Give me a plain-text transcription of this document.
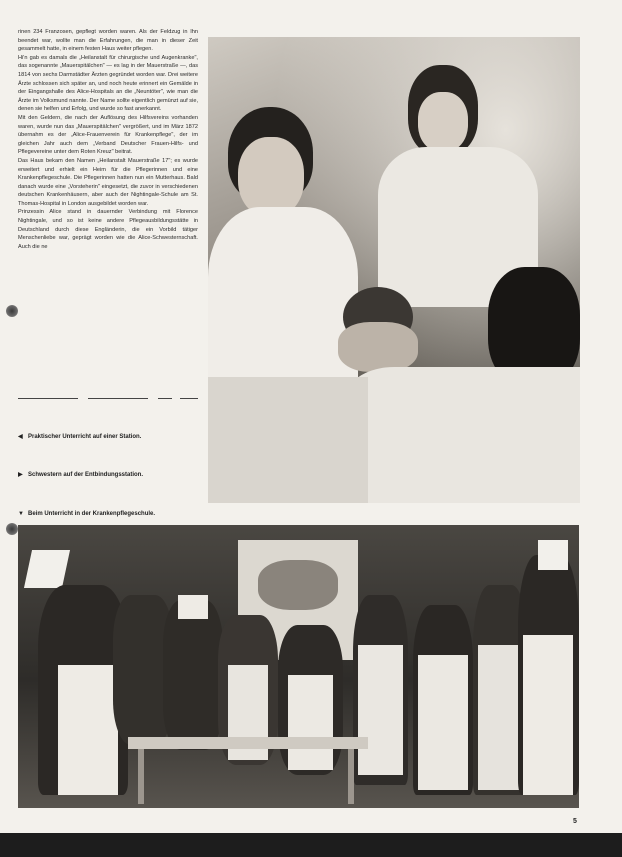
rinen 234 Franzosen, gepflegt worden waren. Als der Feldzug in Ihn beendet war, wollte man die Erfahrungen, die man in dieser Zeit gesammelt hatte, in einem festen Haus weiter pflegen.

Hi'n gab es damals die „Heilanstalt für chirurgische und Augenkranke", das sogenannte „Mauerspitälchen" — es lag in der Mauerstraße —, das 1814 von sechs Darmstädter Ärzten gegründet worden war. Drei weitere Ärzte schlossen sich später an, und noch heute erinnert ein Gemälde in der Eingangshalle des Alice-Hospitals an die „Neuntöter", wie man die Ärzte im Volksmund nannte. Der Name sollte eigentlich gemünzt auf sie, denen sie helfen und Erfolg, und wurde so fast anerkannt.

Mit den Geldern, die nach der Auflösung des Hilfsvereins vorhanden waren, wurde nun das „Mauerspitälchen" vergrößert, und im März 1872 übernahm es der „Alice-Frauenverein für Krankenpflege", der im gleichen Jahr auch dem „Verband Deutscher Frauen-Hilfs- und Pflegevereine unter dem Roten Kreuz" beitrat.

Das Haus bekam den Namen „Heilanstalt Mauerstraße 17"; es wurde erweitert und erhielt ein Heim für die Pflegerinnen und eine Krankenpflegeschule. Die Pflegerinnen hatten nun ein Mutterhaus. Bald danach wurde eine „Vorsteherin" eingesetzt, die zuvor in verschiedenen deutschen Krankenhäusern, aber auch der Nightingale-Schule am St. Thomas-Hospital in London ausgebildet worden war.

Prinzessin Alice stand in dauernder Verbindung mit Florence Nightingale, und so ist keine andere Pflegeausbildungsstätte in Deutschland durch diese Engländerin, die ein Vorbild tätiger Menschenliebe war, geprägt worden wie die Alice-Schwesternschaft. Auch die ne

◀ Praktischer Unterricht auf einer Station.
▶ Schwestern auf der Entbindungsstation.
▼ Beim Unterricht in der Krankenpflegeschule.
5
